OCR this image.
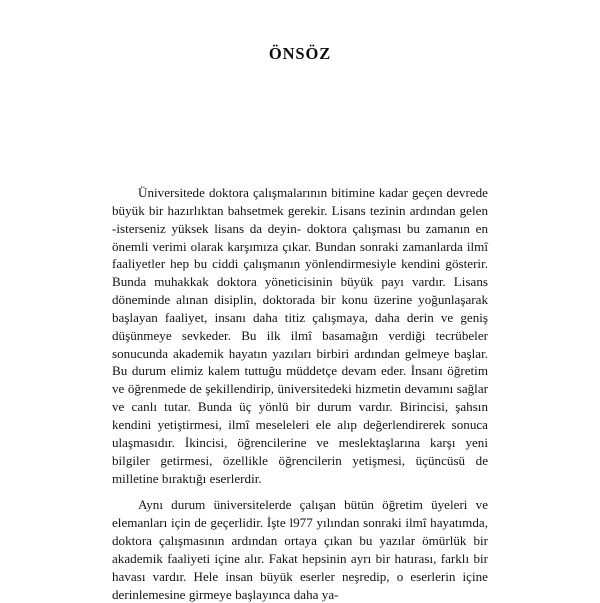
ÖNSÖZ

Üniversitede doktora çalışmalarının bitimine kadar geçen devrede büyük bir hazırlıktan bahsetmek gerekir. Lisans tezinin ardından gelen -isterseniz yüksek lisans da deyin- doktora çalışması bu zamanın en önemli verimi olarak karşımıza çıkar. Bundan sonraki zamanlarda ilmî faaliyetler hep bu ciddi çalışmanın yönlendirmesiyle kendini gösterir. Bunda muhakkak doktora yöneticisinin büyük payı vardır. Lisans döneminde alınan disiplin, doktorada bir konu üzerine yoğunlaşarak başlayan faaliyet, insanı daha titiz çalışmaya, daha derin ve geniş düşünmeye sevkeder. Bu ilk ilmî basamağın verdiği tecrübeler sonucunda akademik hayatın yazıları birbiri ardından gelmeye başlar. Bu durum elimiz kalem tuttuğu müddetçe devam eder. İnsanı öğretim ve öğrenmede de şekillendirip, üniversitedeki hizmetin devamını sağlar ve canlı tutar. Bunda üç yönlü bir durum vardır. Birincisi, şahsın kendini yetiştirmesi, ilmî meseleleri ele alıp değerlendirerek sonuca ulaşmasıdır. İkincisi, öğrencilerine ve meslektaşlarına karşı yeni bilgiler getirmesi, özellikle öğrencilerin yetişmesi, üçüncüsü de milletine bıraktığı eserlerdir.

Aynı durum üniversitelerde çalışan bütün öğretim üyeleri ve elemanları için de geçerlidir. İşte l977 yılından sonraki ilmî hayatımda, doktora çalışmasının ardından ortaya çıkan bu yazılar ömürlük bir akademik faaliyeti içine alır. Fakat hepsinin ayrı bir hatırası, farklı bir havası vardır. Hele insan büyük eserler neşredip, o eserlerin içine derinlemesine girmeye başlayınca daha ya-
